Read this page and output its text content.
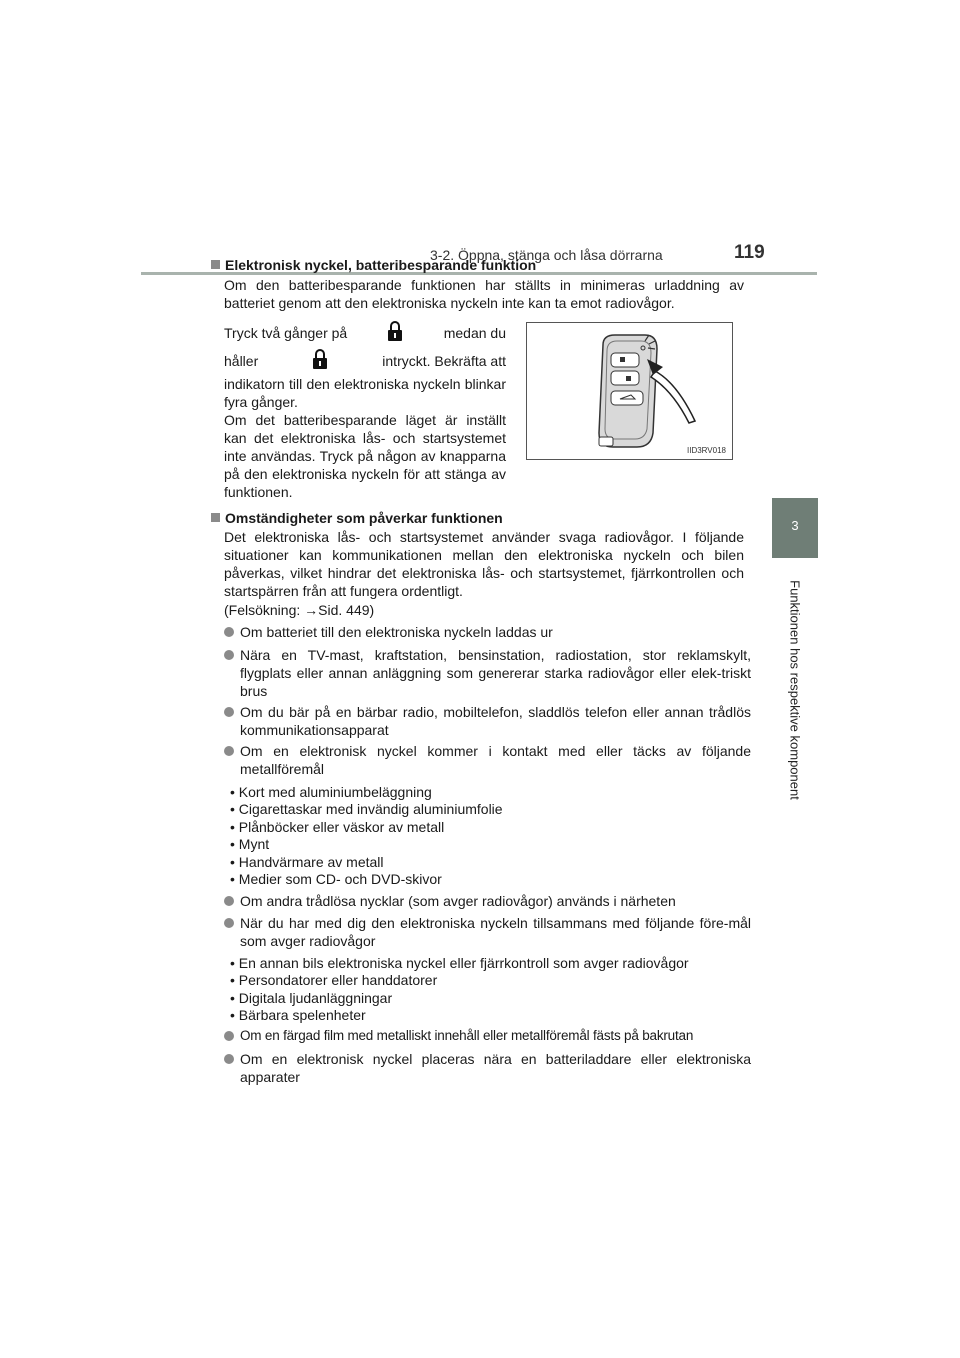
3-2. Öppna, stänga och låsa dörrarna	119
3
Funktionen hos respektive komponent
Elektronisk nyckel, batteribesparande funktion
Om den batteribesparande funktionen har ställts in minimeras urladdning av batteriet genom att den elektroniska nyckeln inte kan ta emot radiovågor.
Tryck två gånger på	medan du
håller	intryckt. Bekräfta att
indikatorn till den elektroniska nyckeln blinkar fyra gånger.
Om det batteribesparande läget är inställt kan det elektroniska lås- och startsystemet inte användas. Tryck på någon av knapparna på den elektroniska nyckeln för att stänga av funktionen.
IID3RV018
Omständigheter som påverkar funktionen
Det elektroniska lås- och startsystemet använder svaga radiovågor. I följande situationer kan kommunikationen mellan den elektroniska nyckeln och bilen påverkas, vilket hindrar det elektroniska lås- och startsystemet, fjärrkontrollen och startspärren från att fungera ordentligt.
(Felsökning: →Sid. 449)
Om batteriet till den elektroniska nyckeln laddas ur
Nära en TV-mast, kraftstation, bensinstation, radiostation, stor reklamskylt, flygplats eller annan anläggning som genererar starka radiovågor eller elek-triskt brus
Om du bär på en bärbar radio, mobiltelefon, sladdlös telefon eller annan trådlös kommunikationsapparat
Om en elektronisk nyckel kommer i kontakt med eller täcks av följande metallföremål
• Kort med aluminiumbeläggning
• Cigarettaskar med invändig aluminiumfolie
• Plånböcker eller väskor av metall
• Mynt
• Handvärmare av metall
• Medier som CD- och DVD-skivor
Om andra trådlösa nycklar (som avger radiovågor) används i närheten
När du har med dig den elektroniska nyckeln tillsammans med följande före-mål som avger radiovågor
• En annan bils elektroniska nyckel eller fjärrkontroll som avger radiovågor
• Persondatorer eller handdatorer
• Digitala ljudanläggningar
• Bärbara spelenheter
Om en färgad film med metalliskt innehåll eller metallföremål fästs på bakrutan
Om en elektronisk nyckel placeras nära en batteriladdare eller elektroniska apparater
